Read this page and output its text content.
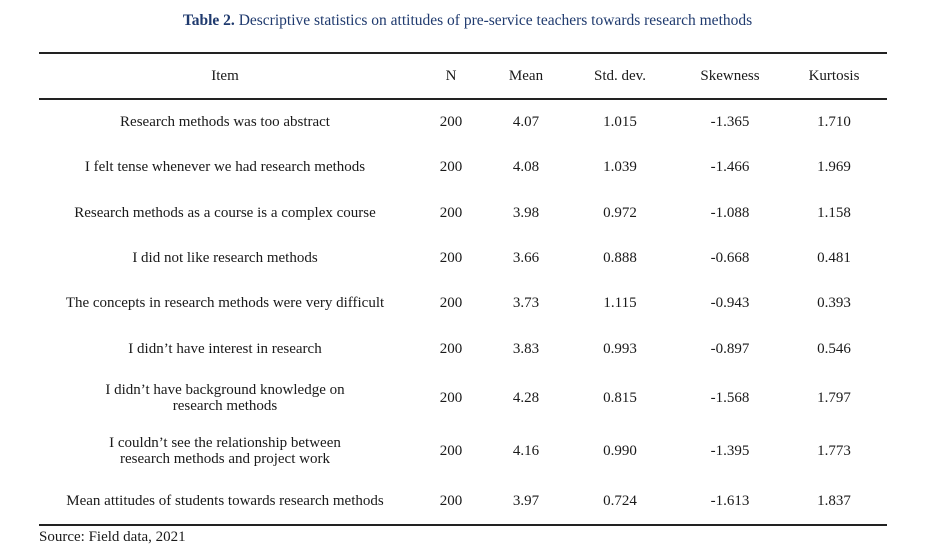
Table 2. Descriptive statistics on attitudes of pre-service teachers towards research methods
Item	N	Mean	Std. dev.	Skewness	Kurtosis
Research methods was too abstract	200	4.07	1.015	-1.365	1.710
I felt tense whenever we had research methods	200	4.08	1.039	-1.466	1.969
Research methods as a course is a complex course	200	3.98	0.972	-1.088	1.158
I did not like research methods	200	3.66	0.888	-0.668	0.481
The concepts in research methods were very difficult	200	3.73	1.115	-0.943	0.393
I didn’t have interest in research	200	3.83	0.993	-0.897	0.546
I didn’t have background knowledge on
research methods	200	4.28	0.815	-1.568	1.797
I couldn’t see the relationship between
research methods and project work	200	4.16	0.990	-1.395	1.773
Mean attitudes of students towards research methods	200	3.97	0.724	-1.613	1.837
Source: Field data, 2021
